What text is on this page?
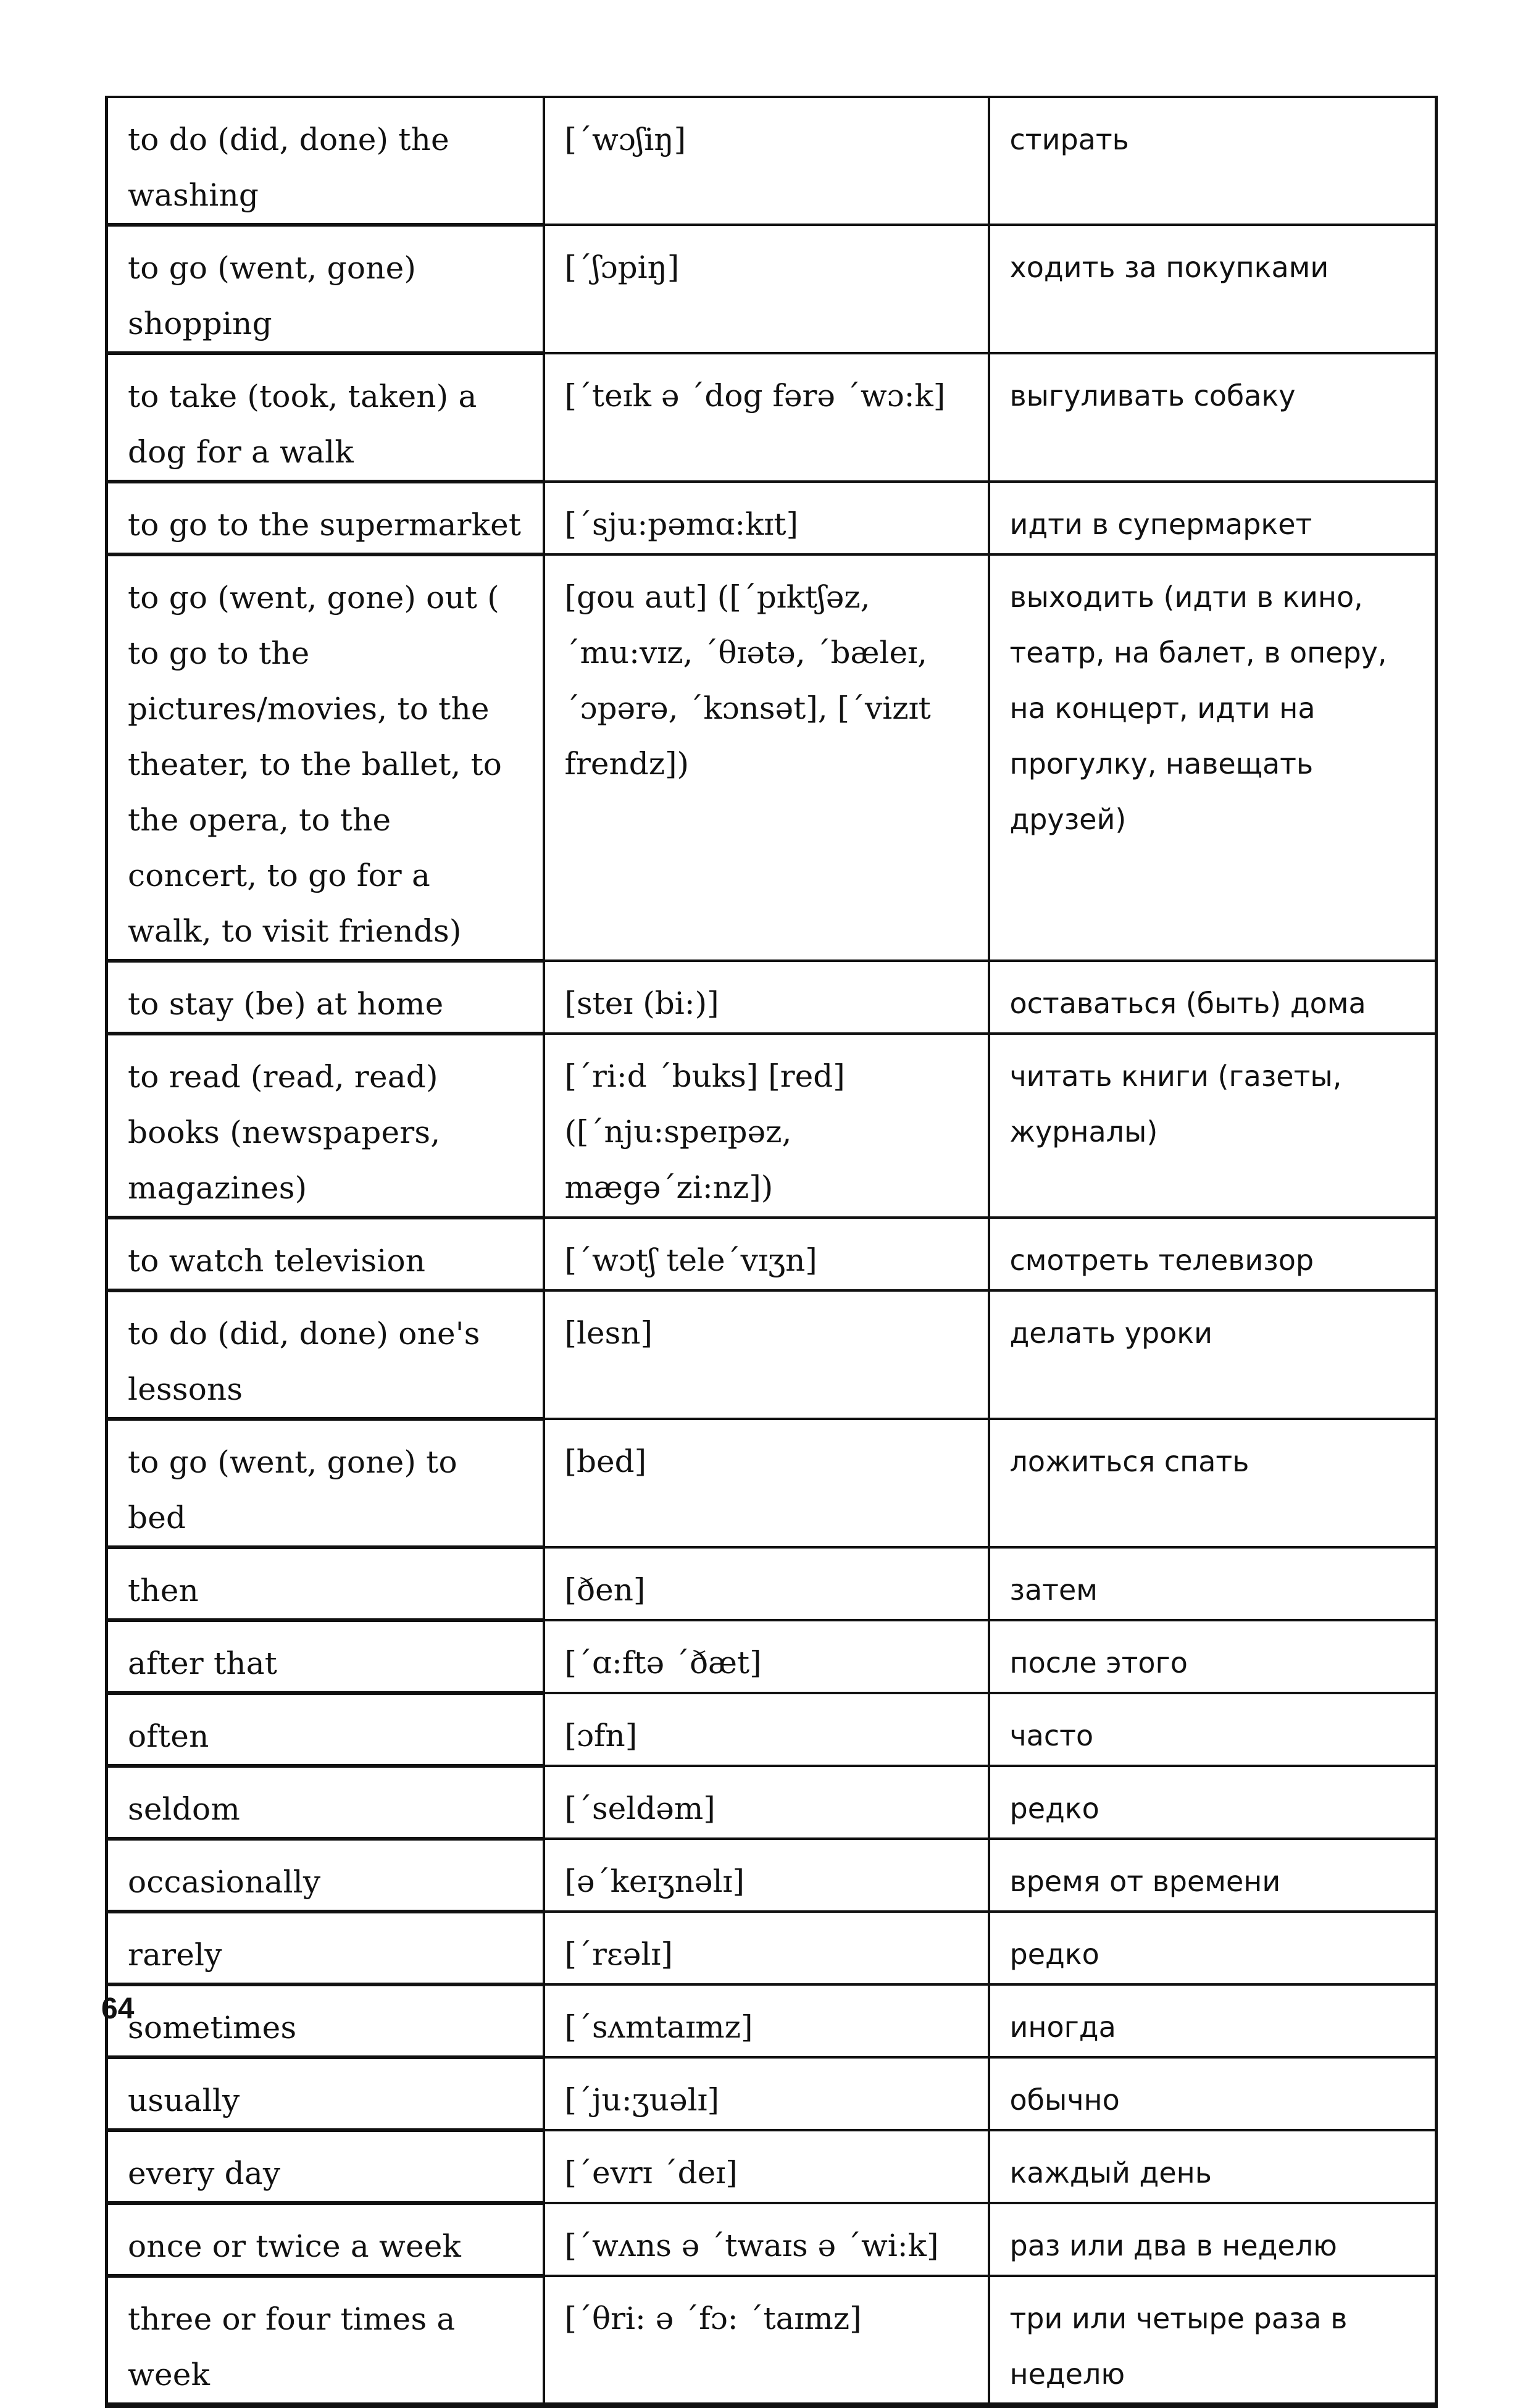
to do (did, done) the washing	[ˊwɔʃiŋ]	стирать
to go (went, gone) shopping	[ˊʃɔpiŋ]	ходить за покупками
to take (took, taken) a dog for a walk	[ˊteɪk ə ˊdog fərə ˊwɔ:k]	выгуливать собаку
to go to the supermarket	[ˊsju:pəmɑ:kɪt]	идти в супермаркет
to go (went, gone) out ( to go to the pictures/movies, to the theater, to the ballet, to the opera, to the concert, to go for a walk, to visit friends)	[gou aut] ([ˊpɪktʃəz, ˊmu:vɪz, ˊθɪətə, ˊbæleɪ, ˊɔpərə, ˊkɔnsət], [ˊvizɪt frendz])	выходить (идти в кино, театр, на балет, в оперу, на концерт, идти на прогулку, навещать друзей)
to stay (be) at home	[steɪ (bi:)]	оставаться (быть) дома
to read (read, read) books (newspapers, magazines)	[ˊri:d ˊbuks] [red] ([ˊnju:speɪpəz, mægəˊzi:nz])	читать книги (газеты, журналы)
to watch television	[ˊwɔtʃ teleˊvɪʒn]	смотреть телевизор
to do (did, done) one's lessons	[lesn]	делать уроки
to go (went, gone) to bed	[bed]	ложиться спать
then	[ðen]	затем
after that	[ˊɑ:ftə ˊðæt]	после этого
often	[ɔfn]	часто
seldom	[ˊseldəm]	редко
occasionally	[əˊkeɪʒnəlɪ]	время от времени
rarely	[ˊrɛəlɪ]	редко
sometimes	[ˊsʌmtaɪmz]	иногда
usually	[ˊju:ʒuəlɪ]	обычно
every day	[ˊevrɪ ˊdeɪ]	каждый день
once or twice a week	[ˊwʌns ə ˊtwaɪs ə ˊwi:k]	раз или два в неделю
three or four times a week	[ˊθri: ə ˊfɔ: ˊtaɪmz]	три или четыре раза в неделю
64
